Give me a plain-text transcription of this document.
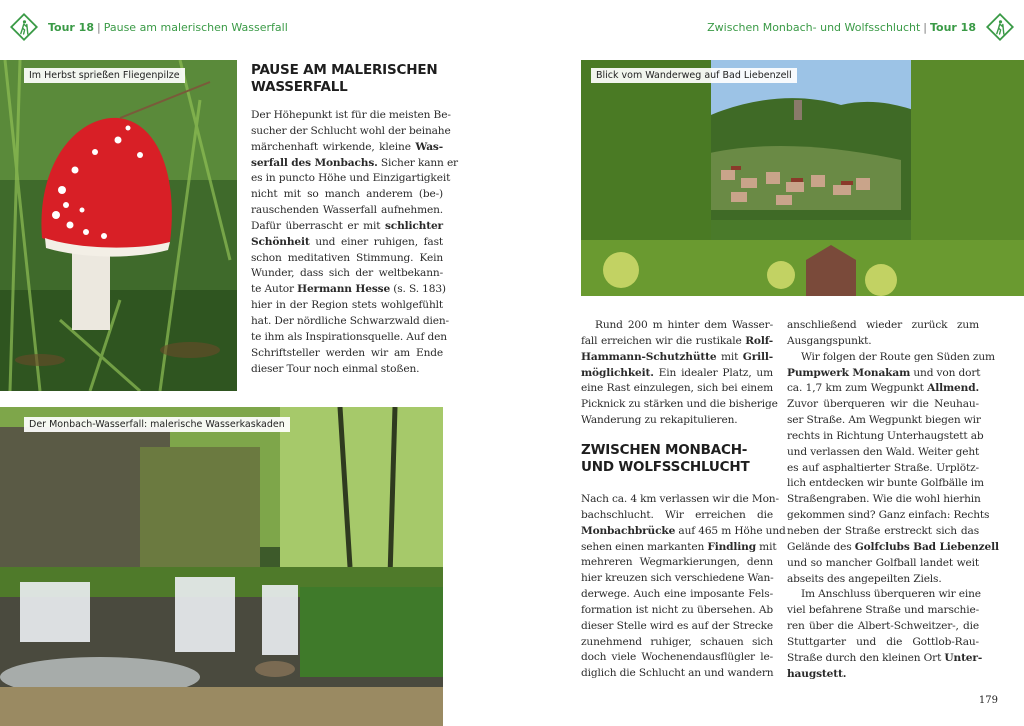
Tour 18 | Pause am malerischen Wasserfall
Im Herbst sprießen Fliegenpilze	PAUSE AM MALERISCHEN
WASSERFALL
Der Höhepunkt ist für die meisten Be-
sucher der Schlucht wohl der beinahe
märchenhaft wirkende, kleine Was-
serfall des Monbachs. Sicher kann er
es in puncto Höhe und Einzigartigkeit
nicht mit so manch anderem (be-)
rauschenden Wasserfall aufnehmen.
Dafür überrascht er mit schlichter
Schönheit und einer ruhigen, fast
schon meditativen Stimmung. Kein
Wunder, dass sich der weltbekann-
te Autor Hermann Hesse (s. S. 183)
hier in der Region stets wohlgefühlt
hat. Der nördliche Schwarzwald dien-
te ihm als Inspirationsquelle. Auf den
Schriftsteller werden wir am Ende
dieser Tour noch einmal stoßen.
Der Monbach-Wasserfall: malerische Wasserkaskaden
Zwischen Monbach- und Wolfsschlucht | Tour 18
Blick vom Wanderweg auf Bad Liebenzell
Rund 200 m hinter dem Wasser-
fall erreichen wir die rustikale Rolf-
Hammann-Schutzhütte mit Grill-
möglichkeit. Ein idealer Platz, um
eine Rast einzulegen, sich bei einem
Picknick zu stärken und die bisherige
Wanderung zu rekapitulieren.
ZWISCHEN MONBACH-
UND WOLFSSCHLUCHT
Nach ca. 4 km verlassen wir die Mon-
bachschlucht. Wir erreichen die
Monbachbrücke auf 465 m Höhe und
sehen einen markanten Findling mit
mehreren Wegmarkierungen, denn
hier kreuzen sich verschiedene Wan-
derwege. Auch eine imposante Fels-
formation ist nicht zu übersehen. Ab
dieser Stelle wird es auf der Strecke
zunehmend ruhiger, schauen sich
doch viele Wochenendausflügler le-
diglich die Schlucht an und wandern
anschließend wieder zurück zum
Ausgangspunkt.
Wir folgen der Route gen Süden zum
Pumpwerk Monakam und von dort
ca. 1,7 km zum Wegpunkt Allmend.
Zuvor überqueren wir die Neuhau-
ser Straße. Am Wegpunkt biegen wir
rechts in Richtung Unterhaugstett ab
und verlassen den Wald. Weiter geht
es auf asphaltierter Straße. Urplötz-
lich entdecken wir bunte Golfbälle im
Straßengraben. Wie die wohl hierhin
gekommen sind? Ganz einfach: Rechts
neben der Straße erstreckt sich das
Gelände des Golfclubs Bad Liebenzell
und so mancher Golfball landet weit
abseits des angepeilten Ziels.
Im Anschluss überqueren wir eine
viel befahrene Straße und marschie-
ren über die Albert-Schweitzer-, die
Stuttgarter und die Gottlob-Rau-
Straße durch den kleinen Ort Unter-
haugstett.
179
